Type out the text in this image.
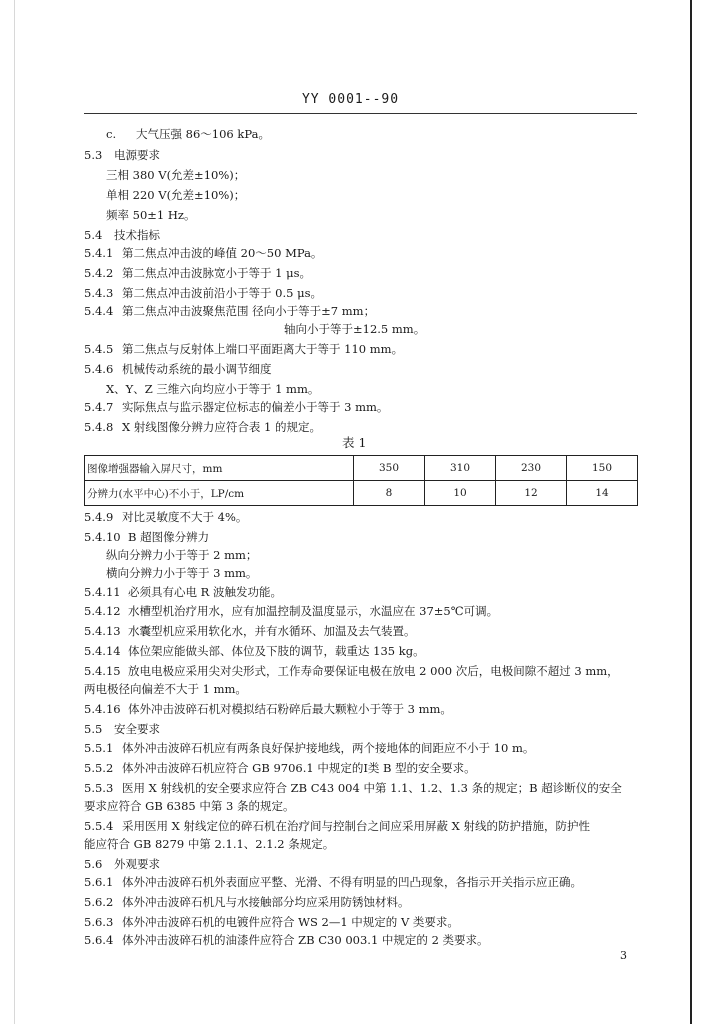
YY 0001--90
c. 大气压强 86～106 kPa。
5.3 电源要求
三相 380 V(允差±10%)；
单相 220 V(允差±10%)；
频率 50±1 Hz。
5.4 技术指标
5.4.1 第二焦点冲击波的峰值 20～50 MPa。
5.4.2 第二焦点冲击波脉宽小于等于 1 μs。
5.4.3 第二焦点冲击波前沿小于等于 0.5 μs。
5.4.4 第二焦点冲击波聚焦范围 径向小于等于±7 mm；
轴向小于等于±12.5 mm。
5.4.5 第二焦点与反射体上端口平面距离大于等于 110 mm。
5.4.6 机械传动系统的最小调节细度
X、Y、Z 三维六向均应小于等于 1 mm。
5.4.7 实际焦点与监示器定位标志的偏差小于等于 3 mm。
5.4.8 X 射线图像分辨力应符合表 1 的规定。
表 1
5.4.9 对比灵敏度不大于 4%。
5.4.10 B 超图像分辨力
纵向分辨力小于等于 2 mm；
横向分辨力小于等于 3 mm。
5.4.11 必须具有心电 R 波触发功能。
5.4.12 水槽型机治疗用水，应有加温控制及温度显示，水温应在 37±5℃可调。
5.4.13 水囊型机应采用软化水，并有水循环、加温及去气装置。
5.4.14 体位架应能做头部、体位及下肢的调节，载重达 135 kg。
5.4.15 放电电极应采用尖对尖形式，工作寿命要保证电极在放电 2 000 次后，电极间隙不超过 3 mm，
两电极径向偏差不大于 1 mm。
5.4.16 体外冲击波碎石机对模拟结石粉碎后最大颗粒小于等于 3 mm。
5.5 安全要求
5.5.1 体外冲击波碎石机应有两条良好保护接地线，两个接地体的间距应不小于 10 m。
5.5.2 体外冲击波碎石机应符合 GB 9706.1 中规定的Ⅰ类 B 型的安全要求。
5.5.3 医用 X 射线机的安全要求应符合 ZB C43 004 中第 1.1、1.2、1.3 条的规定；B 超诊断仪的安全
要求应符合 GB 6385 中第 3 条的规定。
5.5.4 采用医用 X 射线定位的碎石机在治疗间与控制台之间应采用屏蔽 X 射线的防护措施，防护性
能应符合 GB 8279 中第 2.1.1、2.1.2 条规定。
5.6 外观要求
5.6.1 体外冲击波碎石机外表面应平整、光滑、不得有明显的凹凸现象，各指示开关指示应正确。
5.6.2 体外冲击波碎石机凡与水接触部分均应采用防锈蚀材料。
5.6.3 体外冲击波碎石机的电镀件应符合 WS 2—1 中规定的 V 类要求。
5.6.4 体外冲击波碎石机的油漆件应符合 ZB C30 003.1 中规定的 2 类要求。
图像增强器输入屏尺寸，mm	350	310	230	150
分辨力(水平中心)不小于，LP/cm	8	10	12	14
3
